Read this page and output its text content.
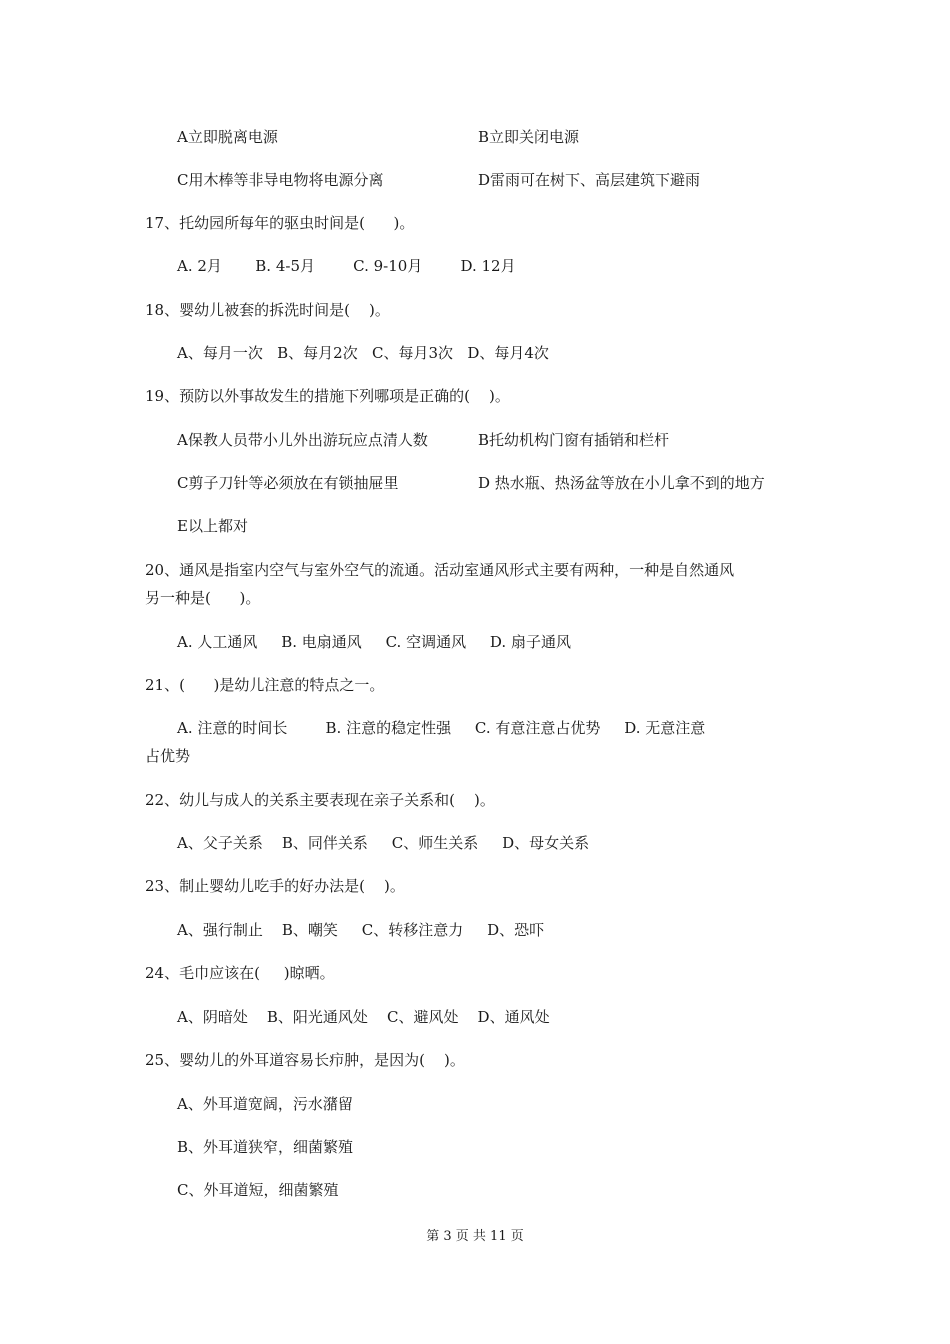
A立即脱离电源	B立即关闭电源
C用木棒等非导电物将电源分离	D雷雨可在树下、高层建筑下避雨
17、托幼园所每年的驱虫时间是(      )。
A. 2月       B. 4-5月        C. 9-10月        D. 12月
18、婴幼儿被套的拆洗时间是(    )。
A、每月一次   B、每月2次   C、每月3次   D、每月4次
19、预防以外事故发生的措施下列哪项是正确的(    )。
A保教人员带小儿外出游玩应点清人数	B托幼机构门窗有插销和栏杆
C剪子刀针等必须放在有锁抽屉里	D 热水瓶、热汤盆等放在小儿拿不到的地方
E以上都对
20、通风是指室内空气与室外空气的流通。活动室通风形式主要有两种，一种是自然通风
另一种是(      )。
A. 人工通风     B. 电扇通风     C. 空调通风     D. 扇子通风
21、(      )是幼儿注意的特点之一。
A. 注意的时间长        B. 注意的稳定性强     C. 有意注意占优势     D. 无意注意
占优势
22、幼儿与成人的关系主要表现在亲子关系和(    )。
A、父子关系    B、同伴关系     C、师生关系     D、母女关系
23、制止婴幼儿吃手的好办法是(    )。
A、强行制止    B、嘲笑     C、转移注意力     D、恐吓
24、毛巾应该在(     )晾晒。
A、阴暗处    B、阳光通风处    C、避风处    D、通风处
25、婴幼儿的外耳道容易长疖肿，是因为(    )。
A、外耳道宽阔，污水潴留
B、外耳道狭窄，细菌繁殖
C、外耳道短，细菌繁殖
第 3 页 共 11 页
